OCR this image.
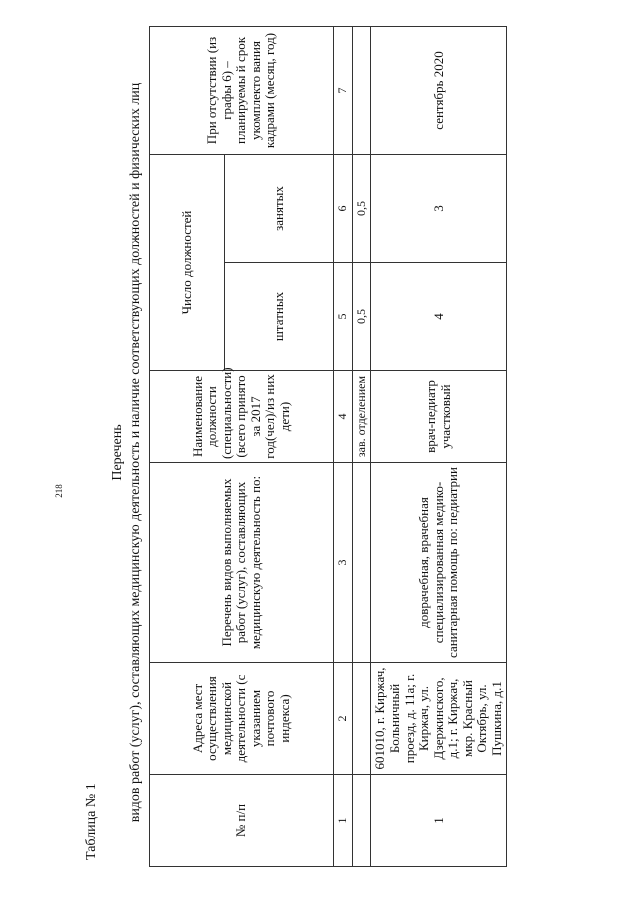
218
Таблица № 1
Перечень видов работ (услуг), составляющих медицинскую деятельность и наличие соответствующих должностей и физических лиц	№ п/п	Адреса мест осуществления медицинской деятельности (с указанием почтового индекса)	Перечень видов выполняемых работ (услуг), составляющих медицинскую деятельность по:	Наименование должности (специальности) (всего принято за 2017 год(чел)/из них дети)	Число должностей		При отсутствии (из графы 6) – планируемы й срок укомплекто вания кадрами (месяц, год)
				штатных	занятых	
1	2	3	4	5	6	7
			зав. отделением	0,5	0,5	
1	601010, г. Киржач, Больничный проезд, д. 11а; г. Киржач, ул. Дзержинского, д.1; г. Киржач, мкр. Красный Октябрь, ул. Пушкина, д.1	доврачебная, врачебная специализированная медико-санитарная помощь по: педиатрии	врач-педиатр участковый	4	3	сентябрь 2020
